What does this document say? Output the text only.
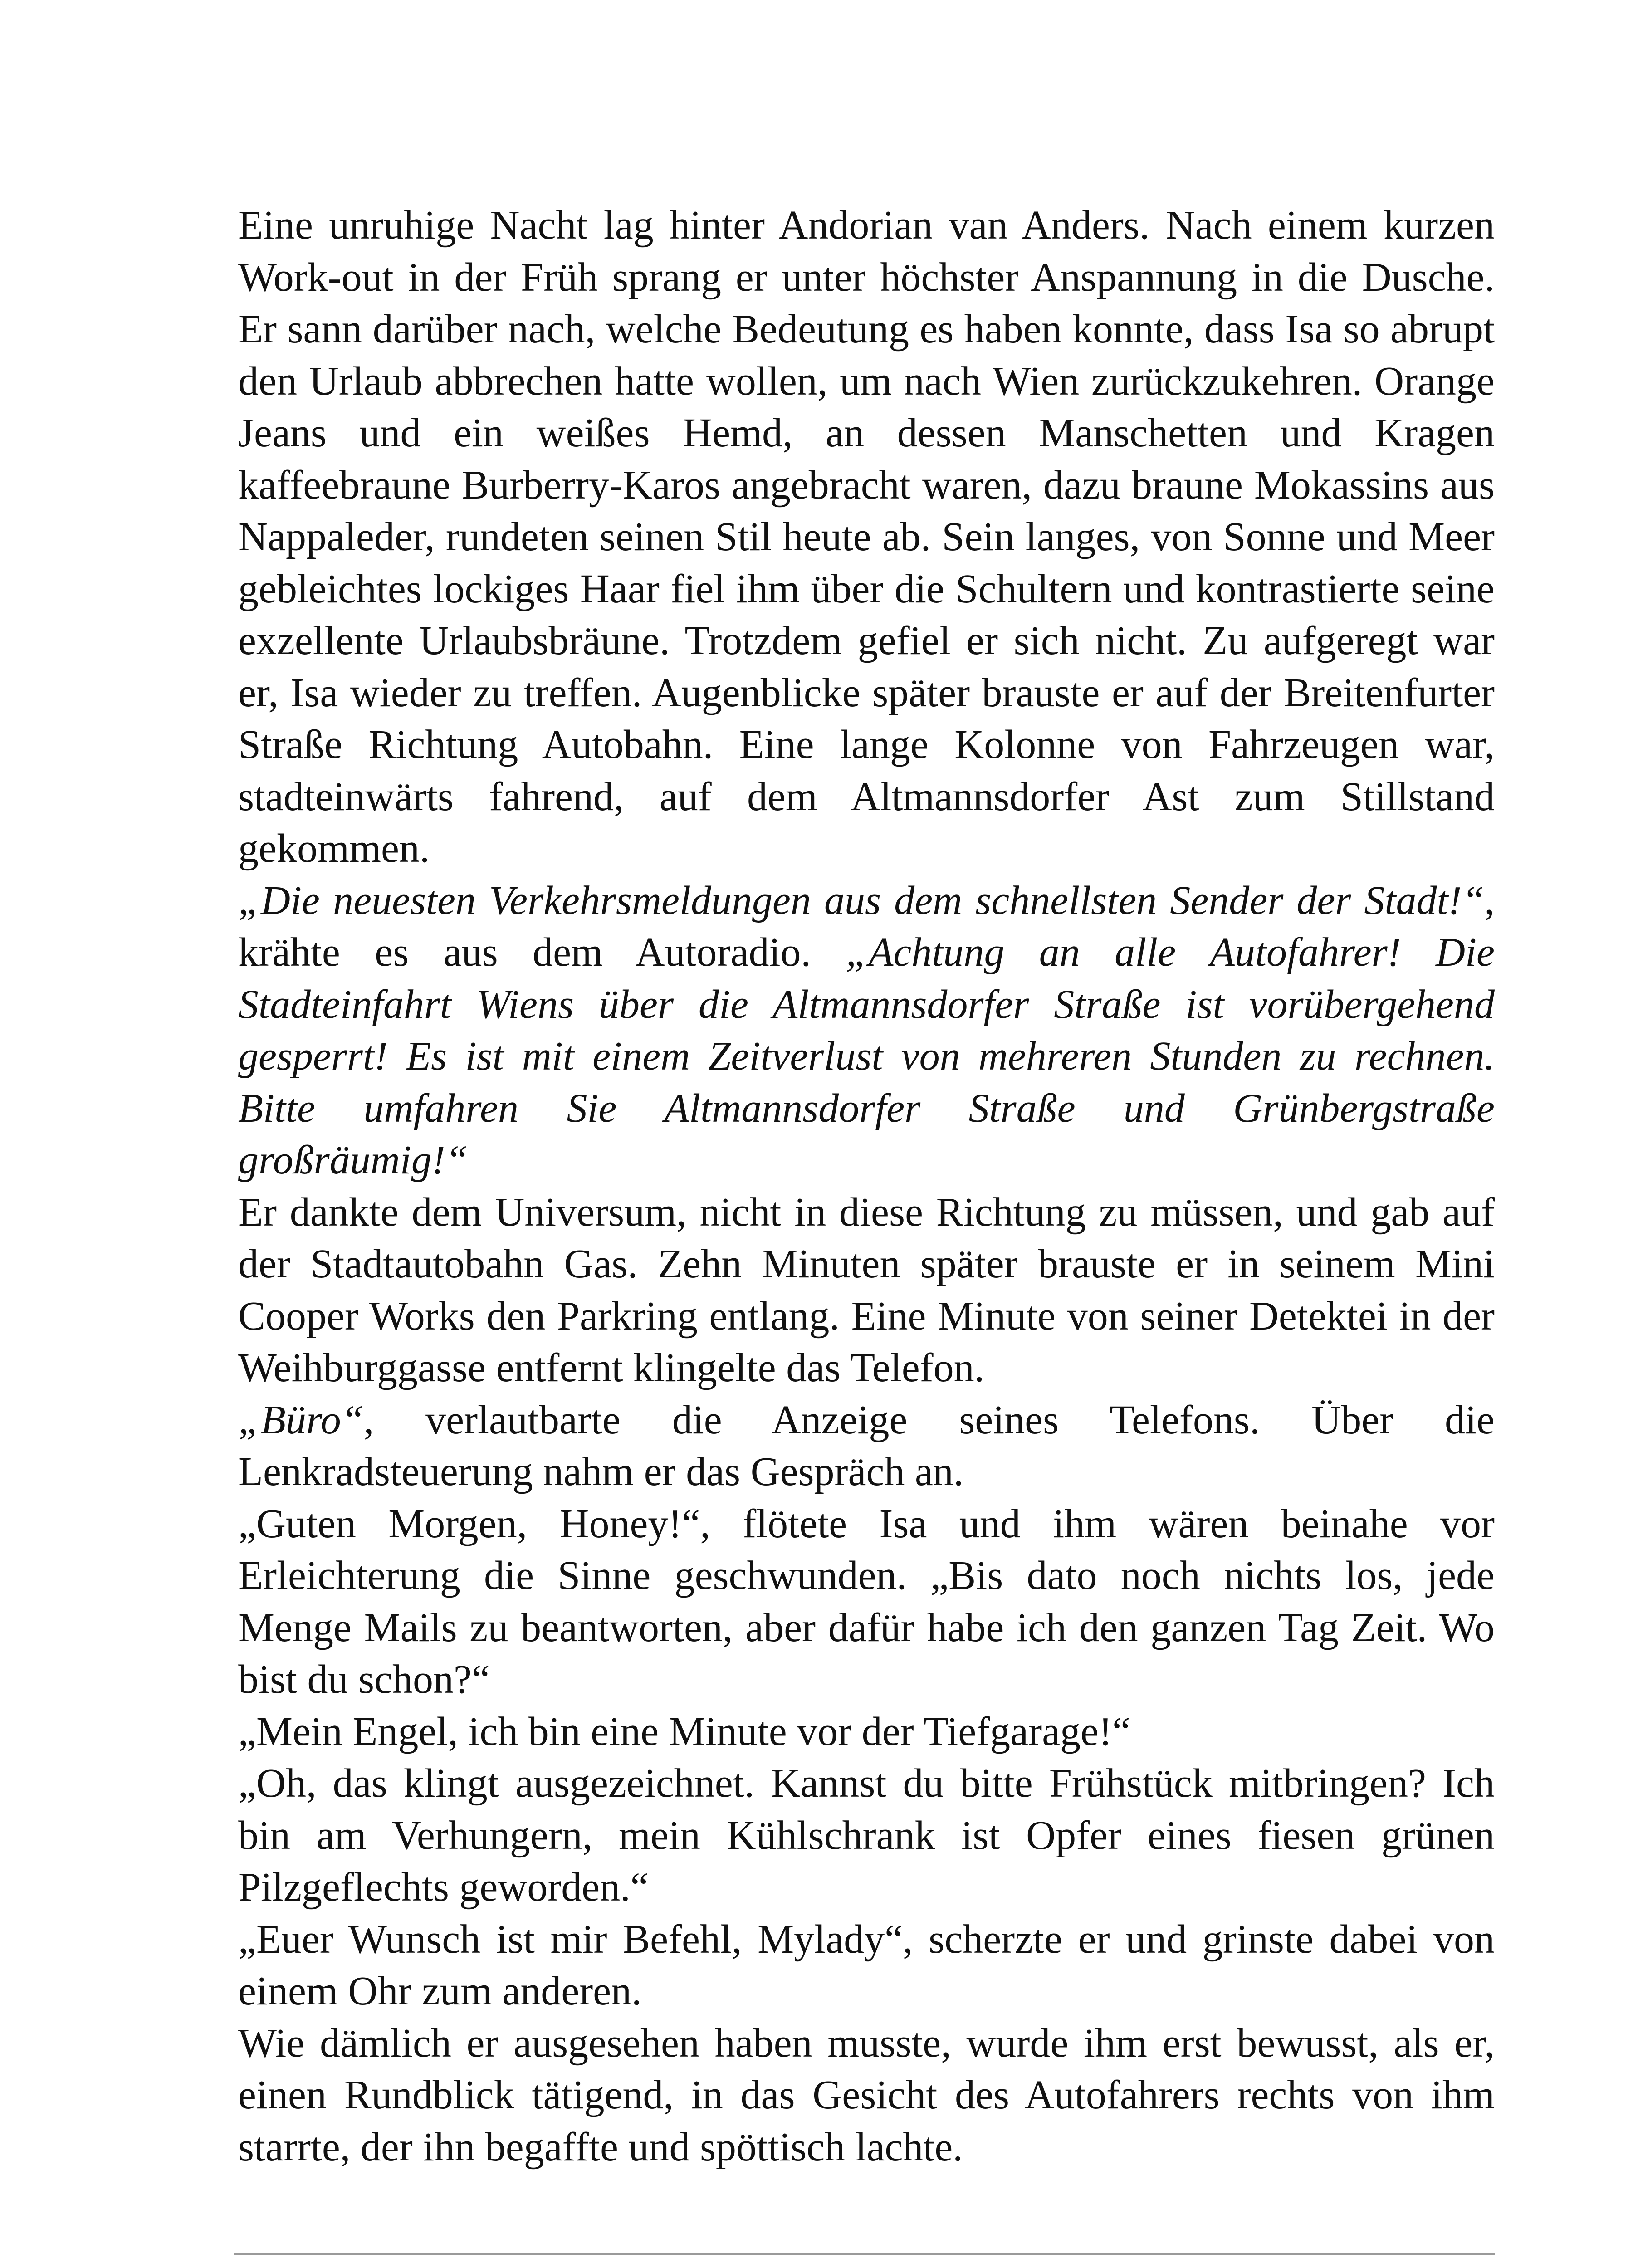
Eine unruhige Nacht lag hinter Andorian van Anders. Nach einem kurzen Work-out in der Früh sprang er unter höchster Anspannung in die Dusche. Er sann darüber nach, welche Bedeutung es haben konnte, dass Isa so abrupt den Urlaub abbrechen hatte wollen, um nach Wien zurückzukehren. Orange Jeans und ein weißes Hemd, an dessen Manschetten und Kragen kaffeebraune Burberry-Karos angebracht waren, dazu braune Mokassins aus Nappaleder, rundeten seinen Stil heute ab. Sein langes, von Sonne und Meer gebleichtes lockiges Haar fiel ihm über die Schultern und kontrastierte seine exzellente Urlaubsbräune. Trotzdem gefiel er sich nicht. Zu aufgeregt war er, Isa wieder zu treffen. Augenblicke später brauste er auf der Breitenfurter Straße Richtung Autobahn. Eine lange Kolonne von Fahrzeugen war, stadteinwärts fahrend, auf dem Altmannsdorfer Ast zum Stillstand gekommen.

„Die neuesten Verkehrsmeldungen aus dem schnellsten Sender der Stadt!“, krähte es aus dem Autoradio. „Achtung an alle Autofahrer! Die Stadteinfahrt Wiens über die Altmannsdorfer Straße ist vorübergehend gesperrt! Es ist mit einem Zeitverlust von mehreren Stunden zu rechnen. Bitte umfahren Sie Altmannsdorfer Straße und Grünbergstraße großräumig!“

Er dankte dem Universum, nicht in diese Richtung zu müssen, und gab auf der Stadtautobahn Gas. Zehn Minuten später brauste er in seinem Mini Cooper Works den Parkring entlang. Eine Minute von seiner Detektei in der Weihburggasse entfernt klingelte das Telefon.

„Büro“, verlautbarte die Anzeige seines Telefons. Über die Lenkradsteuerung nahm er das Gespräch an.

„Guten Morgen, Honey!“, flötete Isa und ihm wären beinahe vor Erleichterung die Sinne geschwunden. „Bis dato noch nichts los, jede Menge Mails zu beantworten, aber dafür habe ich den ganzen Tag Zeit. Wo bist du schon?“

„Mein Engel, ich bin eine Minute vor der Tiefgarage!“

„Oh, das klingt ausgezeichnet. Kannst du bitte Frühstück mitbringen? Ich bin am Verhungern, mein Kühlschrank ist Opfer eines fiesen grünen Pilzgeflechts geworden.“

„Euer Wunsch ist mir Befehl, Mylady“, scherzte er und grinste dabei von einem Ohr zum anderen.

Wie dämlich er ausgesehen haben musste, wurde ihm erst bewusst, als er, einen Rundblick tätigend, in das Gesicht des Autofahrers rechts von ihm starrte, der ihn begaffte und spöttisch lachte.
